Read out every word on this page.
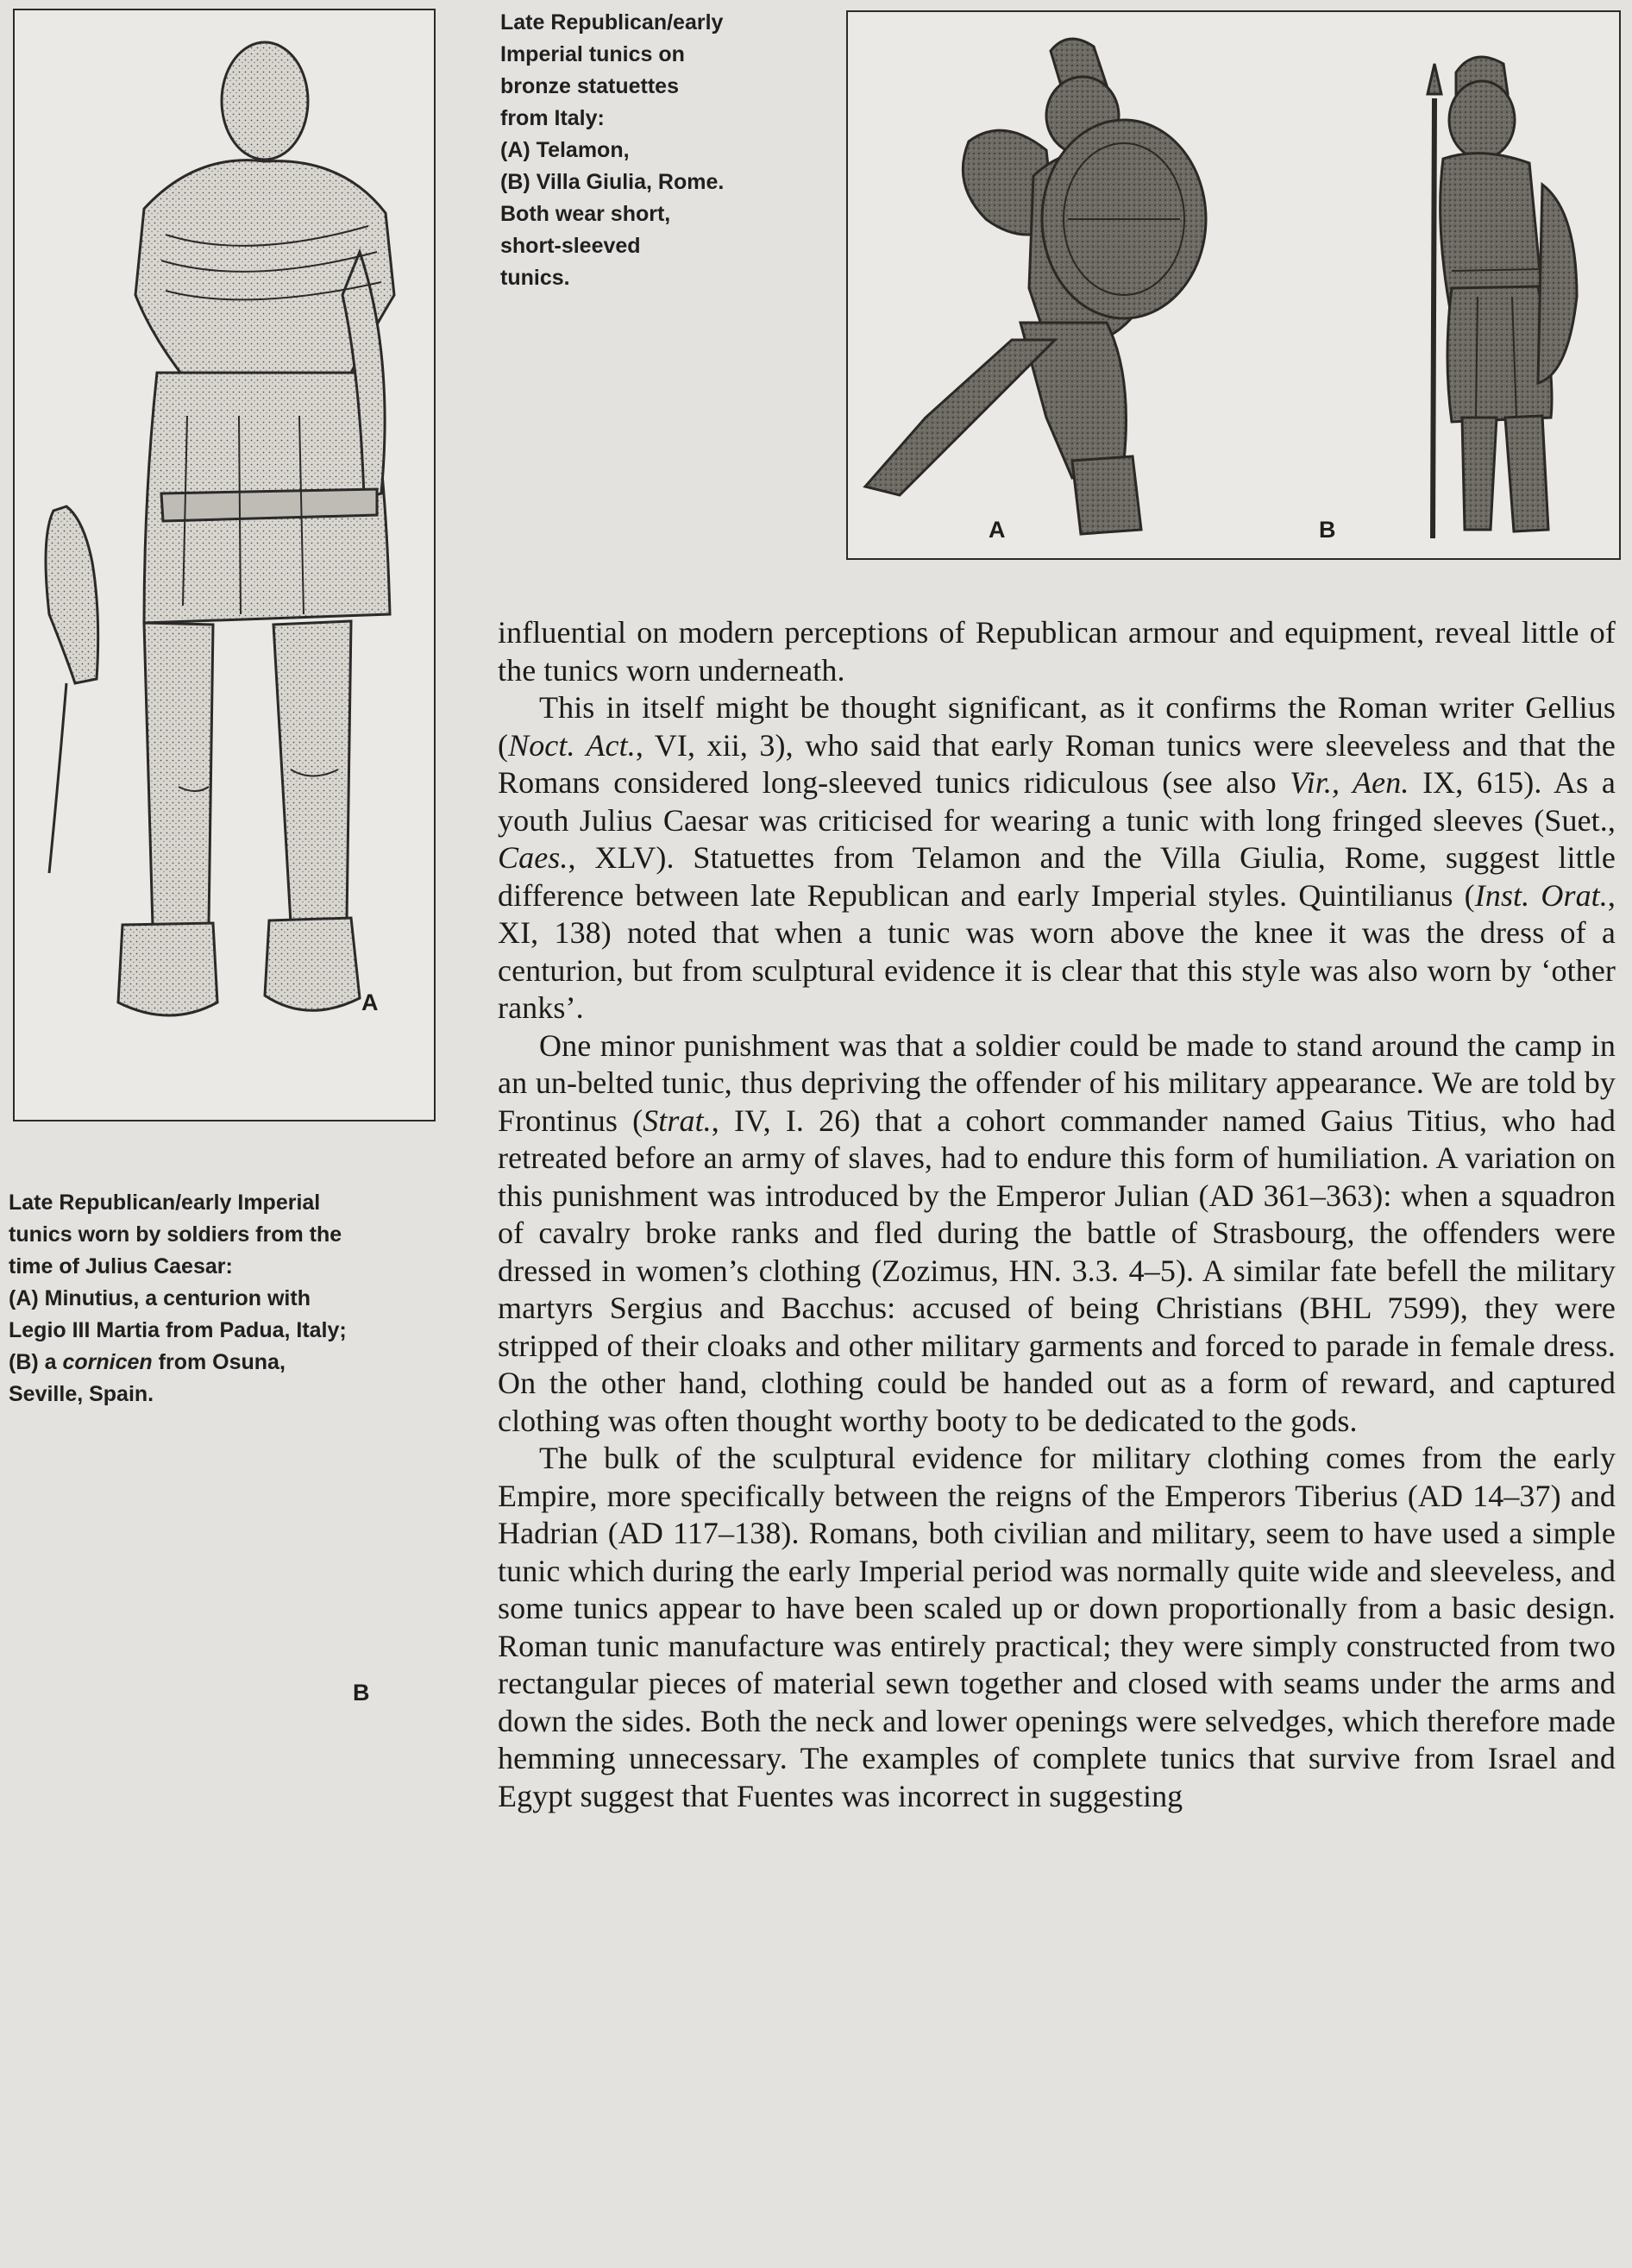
A
B
Late Republican/early
Imperial tunics on
bronze statuettes
from Italy:
(A) Telamon,
(B) Villa Giulia, Rome.
Both wear short,
short-sleeved
tunics.
A	B
Late Republican/early Imperial
tunics worn by soldiers from the
time of Julius Caesar:
(A) Minutius, a centurion with
Legio III Martia from Padua, Italy;
(B) a cornicen from Osuna,
Seville, Spain.

influential on modern perceptions of Republican armour and equipment, reveal little of the tunics worn underneath.

This in itself might be thought significant, as it confirms the Roman writer Gellius (Noct. Act., VI, xii, 3), who said that early Roman tunics were sleeveless and that the Romans considered long-sleeved tunics ridiculous (see also Vir., Aen. IX, 615). As a youth Julius Caesar was criticised for wearing a tunic with long fringed sleeves (Suet., Caes., XLV). Statuettes from Telamon and the Villa Giulia, Rome, suggest little difference between late Republican and early Imperial styles. Quintilianus (Inst. Orat., XI, 138) noted that when a tunic was worn above the knee it was the dress of a centurion, but from sculptural evidence it is clear that this style was also worn by ‘other ranks’.

One minor punishment was that a soldier could be made to stand around the camp in an un-belted tunic, thus depriving the offender of his military appearance. We are told by Frontinus (Strat., IV, I. 26) that a cohort commander named Gaius Titius, who had retreated before an army of slaves, had to endure this form of humiliation. A variation on this punishment was introduced by the Emperor Julian (AD 361–363): when a squadron of cavalry broke ranks and fled during the battle of Strasbourg, the offenders were dressed in women’s clothing (Zozimus, HN. 3.3. 4–5). A similar fate befell the military martyrs Sergius and Bacchus: accused of being Christians (BHL 7599), they were stripped of their cloaks and other military garments and forced to parade in female dress. On the other hand, clothing could be handed out as a form of reward, and captured clothing was often thought worthy booty to be dedicated to the gods.

The bulk of the sculptural evidence for military clothing comes from the early Empire, more specifically between the reigns of the Emperors Tiberius (AD 14–37) and Hadrian (AD 117–138). Romans, both civilian and military, seem to have used a simple tunic which during the early Imperial period was normally quite wide and sleeveless, and some tunics appear to have been scaled up or down proportionally from a basic design. Roman tunic manufacture was entirely practical; they were simply constructed from two rectangular pieces of material sewn together and closed with seams under the arms and down the sides. Both the neck and lower openings were selvedges, which therefore made hemming unnecessary. The examples of complete tunics that survive from Israel and Egypt suggest that Fuentes was incorrect in suggesting
